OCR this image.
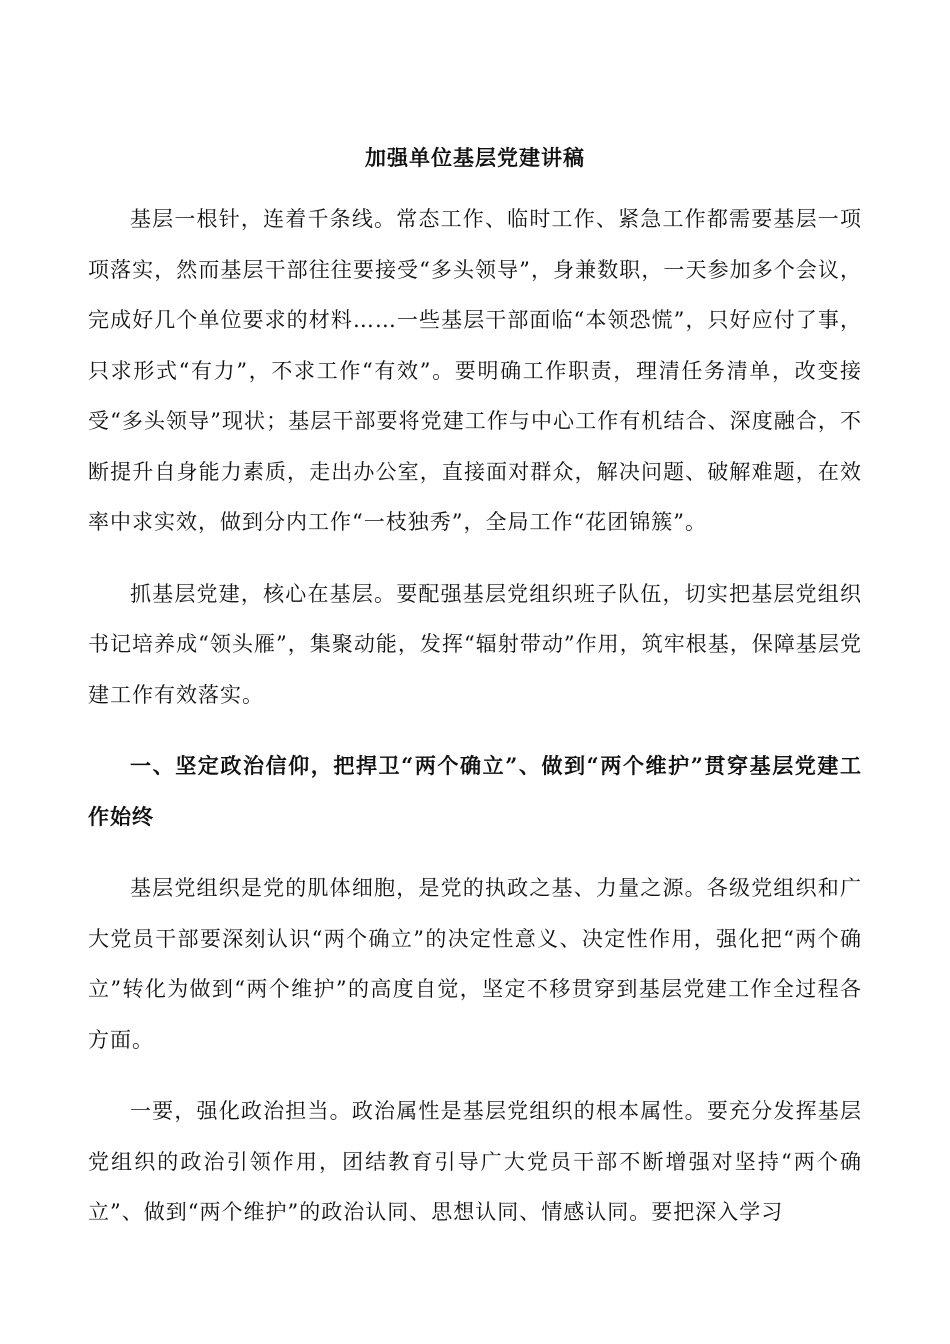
加强单位基层党建讲稿

基层一根针，连着千条线。常态工作、临时工作、紧急工作都需要基层一项项落实，然而基层干部往往要接受“多头领导”，身兼数职，一天参加多个会议，完成好几个单位要求的材料……一些基层干部面临“本领恐慌”，只好应付了事，只求形式“有力”，不求工作“有效”。要明确工作职责，理清任务清单，改变接受“多头领导”现状；基层干部要将党建工作与中心工作有机结合、深度融合，不断提升自身能力素质，走出办公室，直接面对群众，解决问题、破解难题，在效率中求实效，做到分内工作“一枝独秀”，全局工作“花团锦簇”。

抓基层党建，核心在基层。要配强基层党组织班子队伍，切实把基层党组织书记培养成“领头雁”，集聚动能，发挥“辐射带动”作用，筑牢根基，保障基层党建工作有效落实。

一、坚定政治信仰，把捍卫“两个确立”、做到“两个维护”贯穿基层党建工作始终

基层党组织是党的肌体细胞，是党的执政之基、力量之源。各级党组织和广大党员干部要深刻认识“两个确立”的决定性意义、决定性作用，强化把“两个确立”转化为做到“两个维护”的高度自觉，坚定不移贯穿到基层党建工作全过程各方面。

一要，强化政治担当。政治属性是基层党组织的根本属性。要充分发挥基层党组织的政治引领作用，团结教育引导广大党员干部不断增强对坚持“两个确立”、做到“两个维护”的政治认同、思想认同、情感认同。要把深入学习
